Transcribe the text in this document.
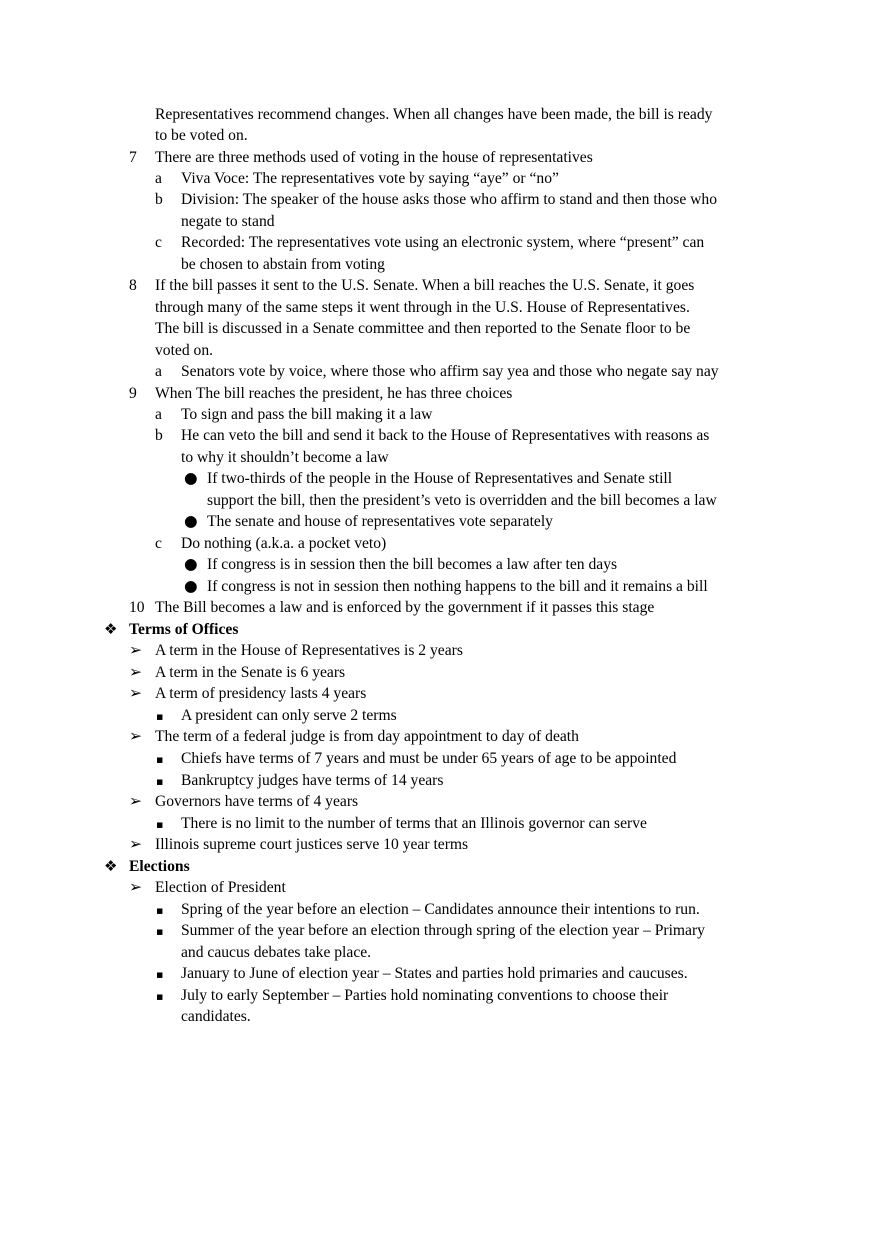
Representatives recommend changes. When all changes have been made, the bill is ready
to be voted on.
7 There are three methods used of voting in the house of representatives
a Viva Voce: The representatives vote by saying “aye” or “no”
b Division: The speaker of the house asks those who affirm to stand and then those who
negate to stand
c Recorded: The representatives vote using an electronic system, where “present” can
be chosen to abstain from voting
8 If the bill passes it sent to the U.S. Senate. When a bill reaches the U.S. Senate, it goes
through many of the same steps it went through in the U.S. House of Representatives.
The bill is discussed in a Senate committee and then reported to the Senate floor to be
voted on.
a Senators vote by voice, where those who affirm say yea and those who negate say nay
9 When The bill reaches the president, he has three choices
a To sign and pass the bill making it a law
b He can veto the bill and send it back to the House of Representatives with reasons as
to why it shouldn’t become a law
● If two-thirds of the people in the House of Representatives and Senate still
support the bill, then the president’s veto is overridden and the bill becomes a law
● The senate and house of representatives vote separately
c Do nothing (a.k.a. a pocket veto)
● If congress is in session then the bill becomes a law after ten days
● If congress is not in session then nothing happens to the bill and it remains a bill
10 The Bill becomes a law and is enforced by the government if it passes this stage
❖ Terms of Offices
➢ A term in the House of Representatives is 2 years
➢ A term in the Senate is 6 years
➢ A term of presidency lasts 4 years
▪ A president can only serve 2 terms
➢ The term of a federal judge is from day appointment to day of death
▪ Chiefs have terms of 7 years and must be under 65 years of age to be appointed
▪ Bankruptcy judges have terms of 14 years
➢ Governors have terms of 4 years
▪ There is no limit to the number of terms that an Illinois governor can serve
➢ Illinois supreme court justices serve 10 year terms
❖ Elections
➢ Election of President
▪ Spring of the year before an election – Candidates announce their intentions to run.
▪ Summer of the year before an election through spring of the election year – Primary
and caucus debates take place.
▪ January to June of election year – States and parties hold primaries and caucuses.
▪ July to early September – Parties hold nominating conventions to choose their
candidates.
